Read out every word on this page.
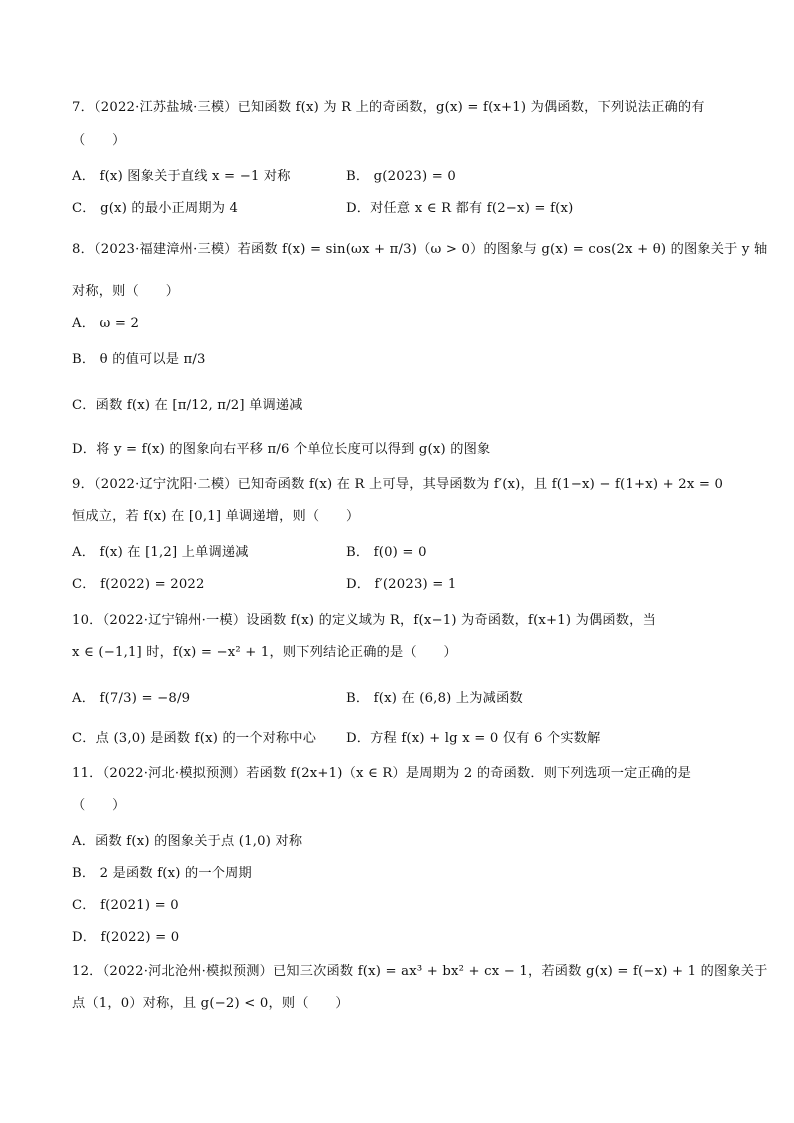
7．（2022·江苏盐城·三模）已知函数 f(x) 为 R 上的奇函数，g(x) = f(x+1) 为偶函数，下列说法正确的有
（　　）
A． f(x) 图象关于直线 x = −1 对称	B． g(2023) = 0
C． g(x) 的最小正周期为 4	D．对任意 x ∈ R 都有 f(2−x) = f(x)
8．（2023·福建漳州·三模）若函数 f(x) = sin(ωx + π/3)（ω > 0）的图象与 g(x) = cos(2x + θ) 的图象关于 y 轴
对称，则（　　）
A． ω = 2
B． θ 的值可以是 π/3
C．函数 f(x) 在 [π/12, π/2] 单调递减
D．将 y = f(x) 的图象向右平移 π/6 个单位长度可以得到 g(x) 的图象
9．（2022·辽宁沈阳·二模）已知奇函数 f(x) 在 R 上可导，其导函数为 f′(x)，且 f(1−x) − f(1+x) + 2x = 0
恒成立，若 f(x) 在 [0,1] 单调递增，则（　　）
A． f(x) 在 [1,2] 上单调递减	B． f(0) = 0
C． f(2022) = 2022	D． f′(2023) = 1
10．（2022·辽宁锦州·一模）设函数 f(x) 的定义域为 R，f(x−1) 为奇函数，f(x+1) 为偶函数，当
x ∈ (−1,1] 时，f(x) = −x² + 1，则下列结论正确的是（　　）
A． f(7/3) = −8/9	B． f(x) 在 (6,8) 上为减函数
C．点 (3,0) 是函数 f(x) 的一个对称中心 D．方程 f(x) + lg x = 0 仅有 6 个实数解
11．（2022·河北·模拟预测）若函数 f(2x+1)（x ∈ R）是周期为 2 的奇函数．则下列选项一定正确的是
（　　）
A．函数 f(x) 的图象关于点 (1,0) 对称
B． 2 是函数 f(x) 的一个周期
C． f(2021) = 0
D． f(2022) = 0
12．（2022·河北沧州·模拟预测）已知三次函数 f(x) = ax³ + bx² + cx − 1，若函数 g(x) = f(−x) + 1 的图象关于
点（1，0）对称，且 g(−2) < 0，则（　　）
